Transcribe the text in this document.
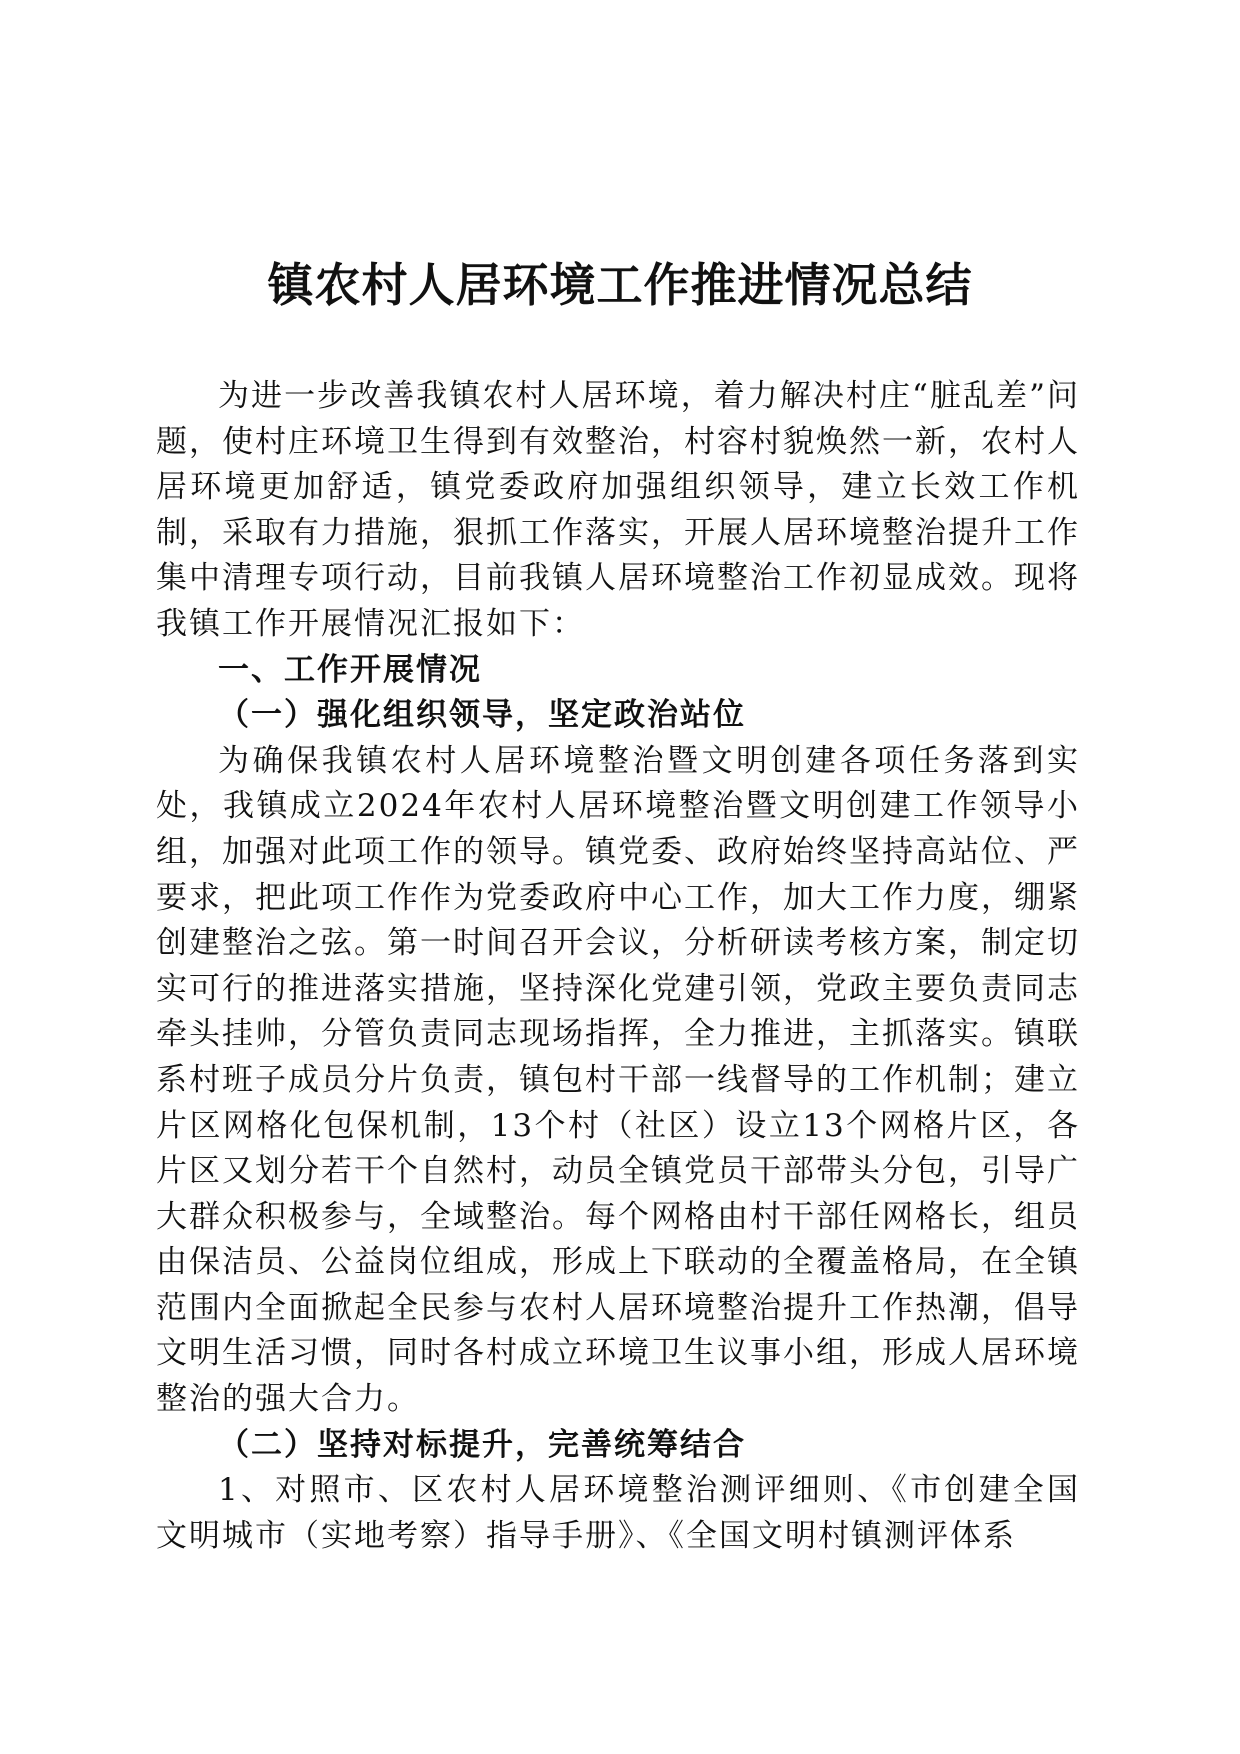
镇农村人居环境工作推进情况总结

为进一步改善我镇农村人居环境，着力解决村庄“脏乱差”问题，使村庄环境卫生得到有效整治，村容村貌焕然一新，农村人居环境更加舒适，镇党委政府加强组织领导，建立长效工作机制，采取有力措施，狠抓工作落实，开展人居环境整治提升工作集中清理专项行动，目前我镇人居环境整治工作初显成效。现将我镇工作开展情况汇报如下：

一、工作开展情况

（一）强化组织领导，坚定政治站位

为确保我镇农村人居环境整治暨文明创建各项任务落到实处，我镇成立2024年农村人居环境整治暨文明创建工作领导小组，加强对此项工作的领导。镇党委、政府始终坚持高站位、严要求，把此项工作作为党委政府中心工作，加大工作力度，绷紧创建整治之弦。第一时间召开会议，分析研读考核方案，制定切实可行的推进落实措施，坚持深化党建引领，党政主要负责同志牵头挂帅，分管负责同志现场指挥，全力推进，主抓落实。镇联系村班子成员分片负责，镇包村干部一线督导的工作机制；建立片区网格化包保机制，13个村（社区）设立13个网格片区，各片区又划分若干个自然村，动员全镇党员干部带头分包，引导广大群众积极参与，全域整治。每个网格由村干部任网格长，组员由保洁员、公益岗位组成，形成上下联动的全覆盖格局，在全镇范围内全面掀起全民参与农村人居环境整治提升工作热潮，倡导文明生活习惯，同时各村成立环境卫生议事小组，形成人居环境整治的强大合力。

（二）坚持对标提升，完善统筹结合

1、对照市、区农村人居环境整治测评细则、《市创建全国文明城市（实地考察）指导手册》、《全国文明村镇测评体系
